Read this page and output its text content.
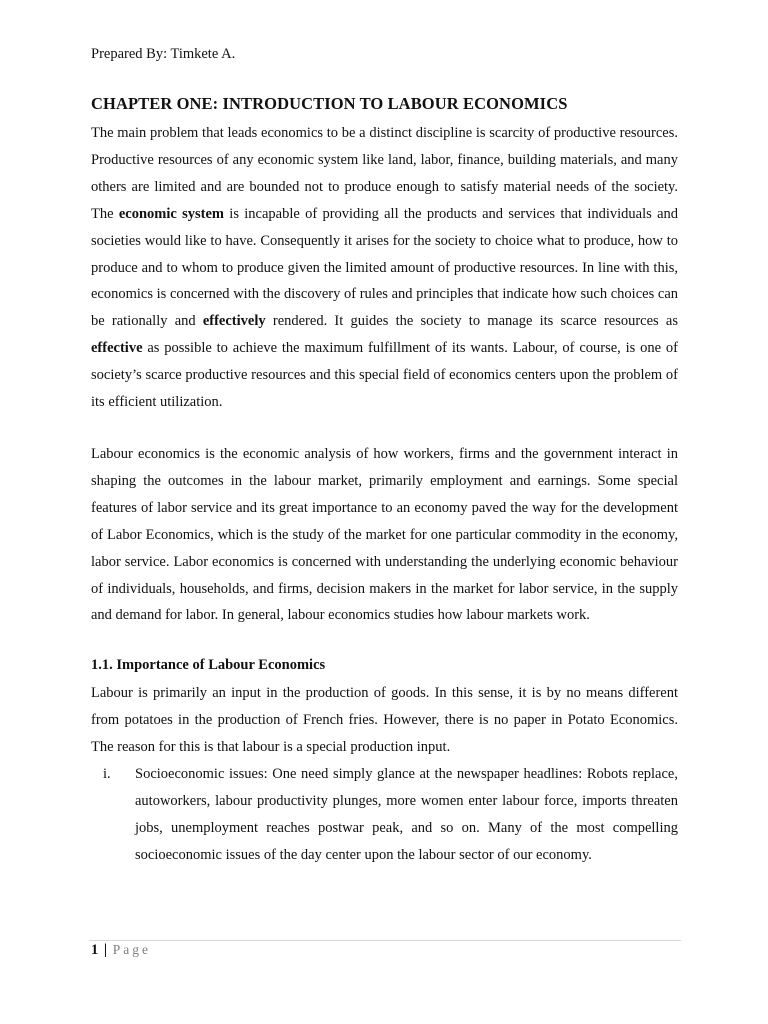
Prepared By: Timkete A.
CHAPTER ONE: INTRODUCTION TO LABOUR ECONOMICS

The main problem that leads economics to be a distinct discipline is scarcity of productive resources. Productive resources of any economic system like land, labor, finance, building materials, and many others are limited and are bounded not to produce enough to satisfy material needs of the society. The economic system is incapable of providing all the products and services that individuals and societies would like to have. Consequently it arises for the society to choice what to produce, how to produce and to whom to produce given the limited amount of productive resources. In line with this, economics is concerned with the discovery of rules and principles that indicate how such choices can be rationally and effectively rendered. It guides the society to manage its scarce resources as effective as possible to achieve the maximum fulfillment of its wants. Labour, of course, is one of society’s scarce productive resources and this special field of economics centers upon the problem of its efficient utilization.

Labour economics is the economic analysis of how workers, firms and the government interact in shaping the outcomes in the labour market, primarily employment and earnings. Some special features of labor service and its great importance to an economy paved the way for the development of Labor Economics, which is the study of the market for one particular commodity in the economy, labor service. Labor economics is concerned with understanding the underlying economic behaviour of individuals, households, and firms, decision makers in the market for labor service, in the supply and demand for labor. In general, labour economics studies how labour markets work.

1.1. Importance of Labour Economics

Labour is primarily an input in the production of goods. In this sense, it is by no means different from potatoes in the production of French fries. However, there is no paper in Potato Economics. The reason for this is that labour is a special production input.

i. Socioeconomic issues: One need simply glance at the newspaper headlines: Robots replace, autoworkers, labour productivity plunges, more women enter labour force, imports threaten jobs, unemployment reaches postwar peak, and so on. Many of the most compelling socioeconomic issues of the day center upon the labour sector of our economy.

1 | Page
